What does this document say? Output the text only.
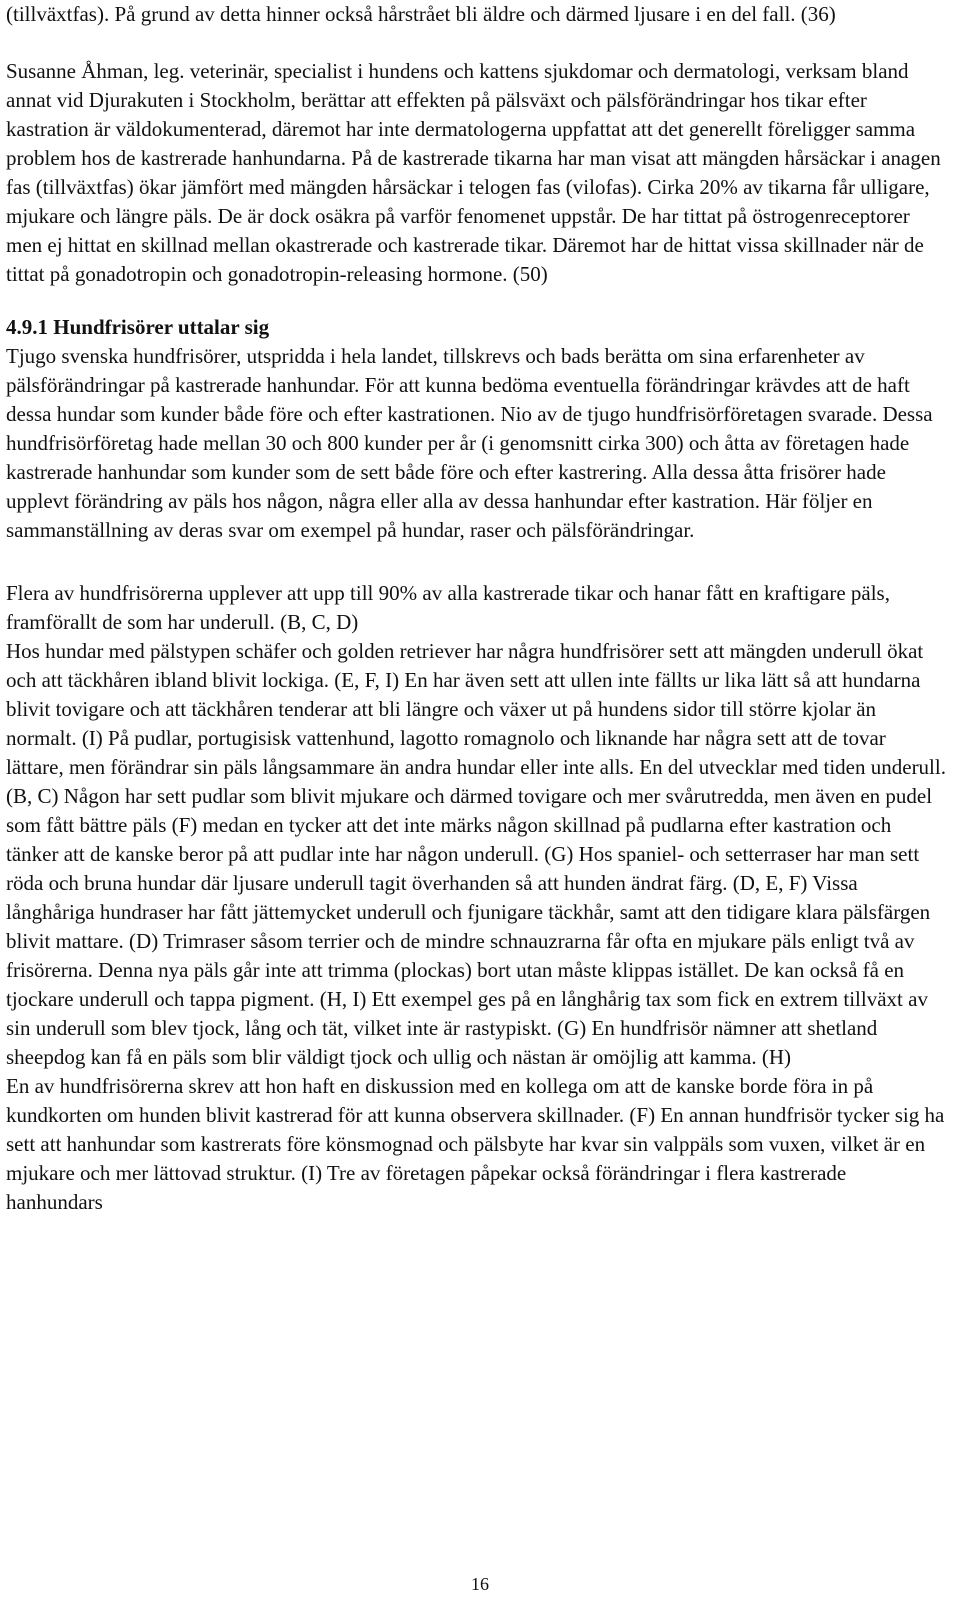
(tillväxtfas). På grund av detta hinner också hårstrået bli äldre och därmed ljusare i en del fall. (36)

Susanne Åhman, leg. veterinär, specialist i hundens och kattens sjukdomar och dermatologi, verksam bland annat vid Djurakuten i Stockholm, berättar att effekten på pälsväxt och pälsförändringar hos tikar efter kastration är väldokumenterad, däremot har inte dermatologerna uppfattat att det generellt föreligger samma problem hos de kastrerade hanhundarna. På de kastrerade tikarna har man visat att mängden hårsäckar i anagen fas (tillväxtfas) ökar jämfört med mängden hårsäckar i telogen fas (vilofas). Cirka 20% av tikarna får ulligare, mjukare och längre päls. De är dock osäkra på varför fenomenet uppstår. De har tittat på östrogenreceptorer men ej hittat en skillnad mellan okastrerade och kastrerade tikar. Däremot har de hittat vissa skillnader när de tittat på gonadotropin och gonadotropin-releasing hormone. (50)

4.9.1 Hundfrisörer uttalar sig

Tjugo svenska hundfrisörer, utspridda i hela landet, tillskrevs och bads berätta om sina erfarenheter av pälsförändringar på kastrerade hanhundar. För att kunna bedöma eventuella förändringar krävdes att de haft dessa hundar som kunder både före och efter kastrationen. Nio av de tjugo hundfrisörföretagen svarade. Dessa hundfrisörföretag hade mellan 30 och 800 kunder per år (i genomsnitt cirka 300) och åtta av företagen hade kastrerade hanhundar som kunder som de sett både före och efter kastrering. Alla dessa åtta frisörer hade upplevt förändring av päls hos någon, några eller alla av dessa hanhundar efter kastration. Här följer en sammanställning av deras svar om exempel på hundar, raser och pälsförändringar.

Flera av hundfrisörerna upplever att upp till 90% av alla kastrerade tikar och hanar fått en kraftigare päls, framförallt de som har underull. (B, C, D)

Hos hundar med pälstypen schäfer och golden retriever har några hundfrisörer sett att mängden underull ökat och att täckhåren ibland blivit lockiga. (E, F, I) En har även sett att ullen inte fällts ur lika lätt så att hundarna blivit tovigare och att täckhåren tenderar att bli längre och växer ut på hundens sidor till större kjolar än normalt. (I) På pudlar, portugisisk vattenhund, lagotto romagnolo och liknande har några sett att de tovar lättare, men förändrar sin päls långsammare än andra hundar eller inte alls. En del utvecklar med tiden underull. (B, C) Någon har sett pudlar som blivit mjukare och därmed tovigare och mer svårutredda, men även en pudel som fått bättre päls (F) medan en tycker att det inte märks någon skillnad på pudlarna efter kastration och tänker att de kanske beror på att pudlar inte har någon underull. (G) Hos spaniel- och setterraser har man sett röda och bruna hundar där ljusare underull tagit överhanden så att hunden ändrat färg. (D, E, F) Vissa långhåriga hundraser har fått jättemycket underull och fjunigare täckhår, samt att den tidigare klara pälsfärgen blivit mattare. (D) Trimraser såsom terrier och de mindre schnauzrarna får ofta en mjukare päls enligt två av frisörerna. Denna nya päls går inte att trimma (plockas) bort utan måste klippas istället. De kan också få en tjockare underull och tappa pigment. (H, I) Ett exempel ges på en långhårig tax som fick en extrem tillväxt av sin underull som blev tjock, lång och tät, vilket inte är rastypiskt. (G) En hundfrisör nämner att shetland sheepdog kan få en päls som blir väldigt tjock och ullig och nästan är omöjlig att kamma. (H)

En av hundfrisörerna skrev att hon haft en diskussion med en kollega om att de kanske borde föra in på kundkorten om hunden blivit kastrerad för att kunna observera skillnader. (F) En annan hundfrisör tycker sig ha sett att hanhundar som kastrerats före könsmognad och pälsbyte har kvar sin valppäls som vuxen, vilket är en mjukare och mer lättovad struktur. (I) Tre av företagen påpekar också förändringar i flera kastrerade hanhundars

16
